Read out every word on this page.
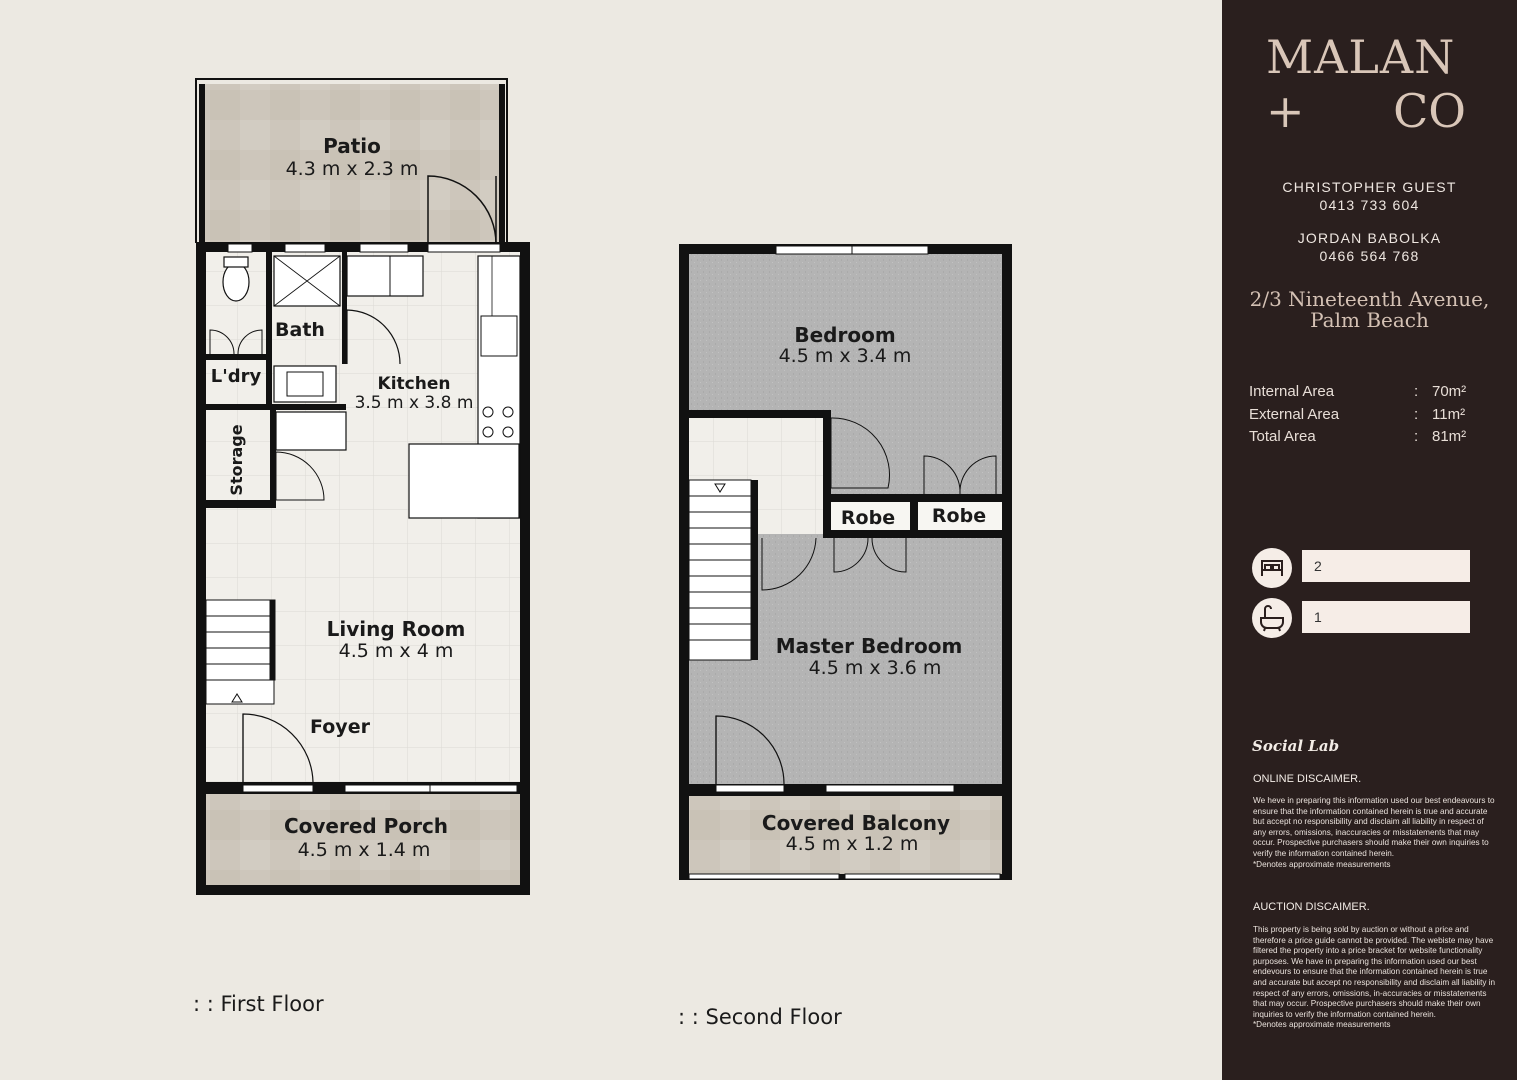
Patio
4.3 m x 2.3 m
Bath
L'dry	Kitchen
3.5 m x 3.8 m
Storage
Living Room
4.5 m x 4 m
Foyer
Covered Porch
4.5 m x 1.4 m
: : First Floor
Bedroom
4.5 m x 3.4 m
Robe Robe
Master Bedroom
4.5 m x 3.6 m
Covered Balcony
4.5 m x 1.2 m
: : Second Floor
MALAN
+ CO
CHRISTOPHER GUEST
0413 733 604
JORDAN BABOLKA
0466 564 768
2/3 Nineteenth Avenue,
Palm Beach
Internal Area	: 70m²
External Area	: 11m²
Total Area	: 81m²
2
1
Social Lab
ONLINE DISCAIMER.
We heve in preparing this information used our best endeavours to ensure that the information contained herein is true and accurate but accept no responsibility and disclaim all liability in respect of any errors, omissions, inaccuracies or misstatements that may occur. Prospective purchasers should make their own inquiries to verify the information contained herein.
*Denotes approximate measurements
AUCTION DISCAIMER.
This property is being sold by auction or without a price and therefore a price guide cannot be provided. The webiste may have filtered the property into a price bracket for website functionality purposes. We have in preparing ths information used our best endevours to ensure that the information contained herein is true and accurate but accept no responsibility and disclaim all liability in respect of any errors, omissions, in-accuracies or misstatements that may occur. Prospective purchasers should make their own inquiries to verify the information contained herein.
*Denotes approximate measurements
